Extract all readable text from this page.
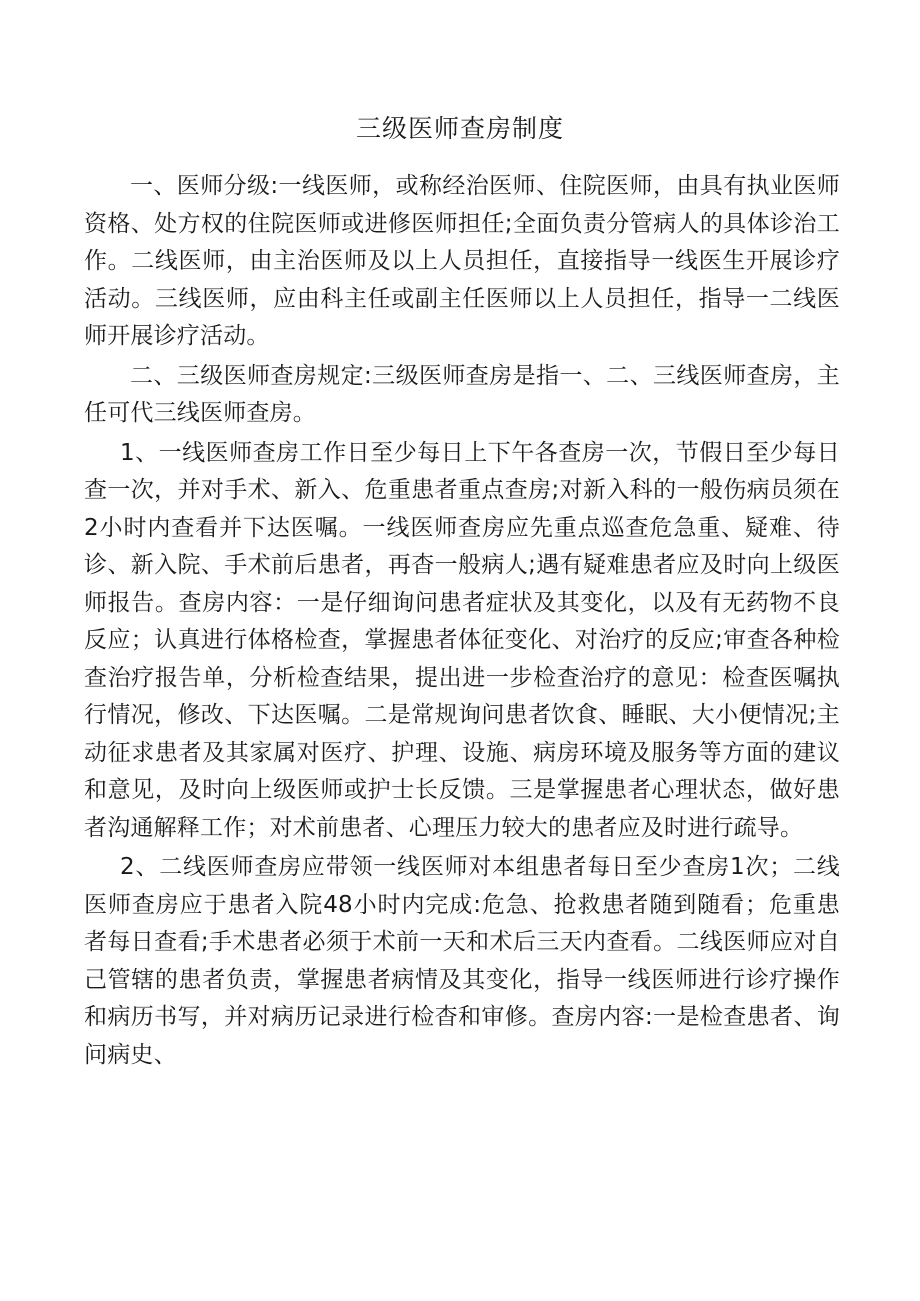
三级医师查房制度

一、医师分级:一线医师，或称经治医师、住院医师，由具有执业医师资格、处方权的住院医师或进修医师担任;全面负责分管病人的具体诊治工作。二线医师，由主治医师及以上人员担任，直接指导一线医生开展诊疗活动。三线医师，应由科主任或副主任医师以上人员担任，指导一二线医师开展诊疗活动。

二、三级医师查房规定:三级医师查房是指一、二、三线医师查房，主任可代三线医师查房。

1、一线医师查房工作日至少每日上下午各查房一次，节假日至少每日查一次，并对手术、新入、危重患者重点查房;对新入科的一般伤病员须在2小时内查看并下达医嘱。一线医师查房应先重点巡查危急重、疑难、待诊、新入院、手术前后患者，再杳一般病人;遇有疑难患者应及时向上级医师报告。查房内容：一是仔细询问患者症状及其变化，以及有无药物不良反应；认真进行体格检查，掌握患者体征变化、对治疗的反应;审查各种检查治疗报告单，分析检查结果，提出进一步检查治疗的意见：检查医嘱执行情况，修改、下达医嘱。二是常规询问患者饮食、睡眠、大小便情况;主动征求患者及其家属对医疗、护理、设施、病房环境及服务等方面的建议和意见，及时向上级医师或护士长反馈。三是掌握患者心理状态，做好患者沟通解释工作；对术前患者、心理压力较大的患者应及时进行疏导。

2、二线医师查房应带领一线医师对本组患者每日至少查房1次；二线医师查房应于患者入院48小时内完成:危急、抢救患者随到随看；危重患者每日查看;手术患者必须于术前一天和术后三天内查看。二线医师应对自己管辖的患者负责，掌握患者病情及其变化，指导一线医师进行诊疗操作和病历书写，并对病历记录进行检杳和审修。查房内容:一是检查患者、询问病史、
